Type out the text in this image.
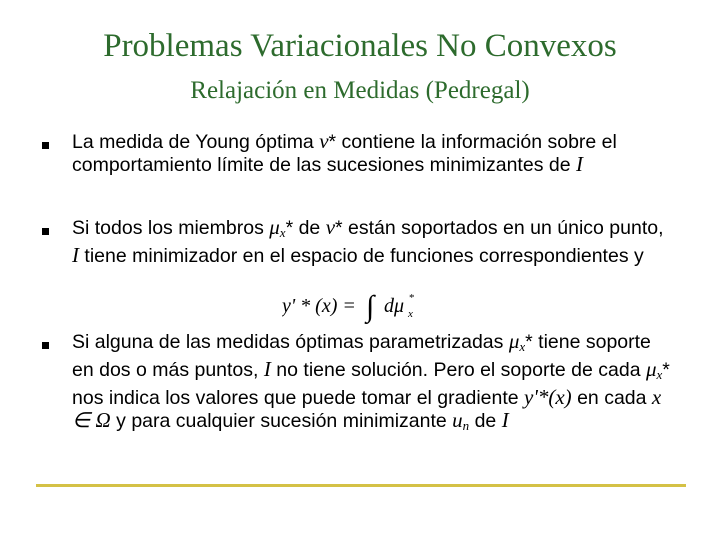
Problemas Variacionales No Convexos
Relajación en Medidas (Pedregal)
La medida de Young óptima ν* contiene la información sobre el comportamiento límite de las sucesiones minimizantes de I
Si todos los miembros $\mu_x*$ de ν* están soportados en un único punto, I tiene minimizador en el espacio de funciones correspondientes y
y' * (x) = ∫ dμ x
*
Si alguna de las medidas óptimas parametrizadas $\mu_x*$ tiene soporte en dos o más puntos, I no tiene solución. Pero el soporte de cada $\mu_x*$ nos indica los valores que puede tomar el gradiente y'*(x) en cada x ∈ Ω y para cualquier sucesión minimizante $u_n$ de I
